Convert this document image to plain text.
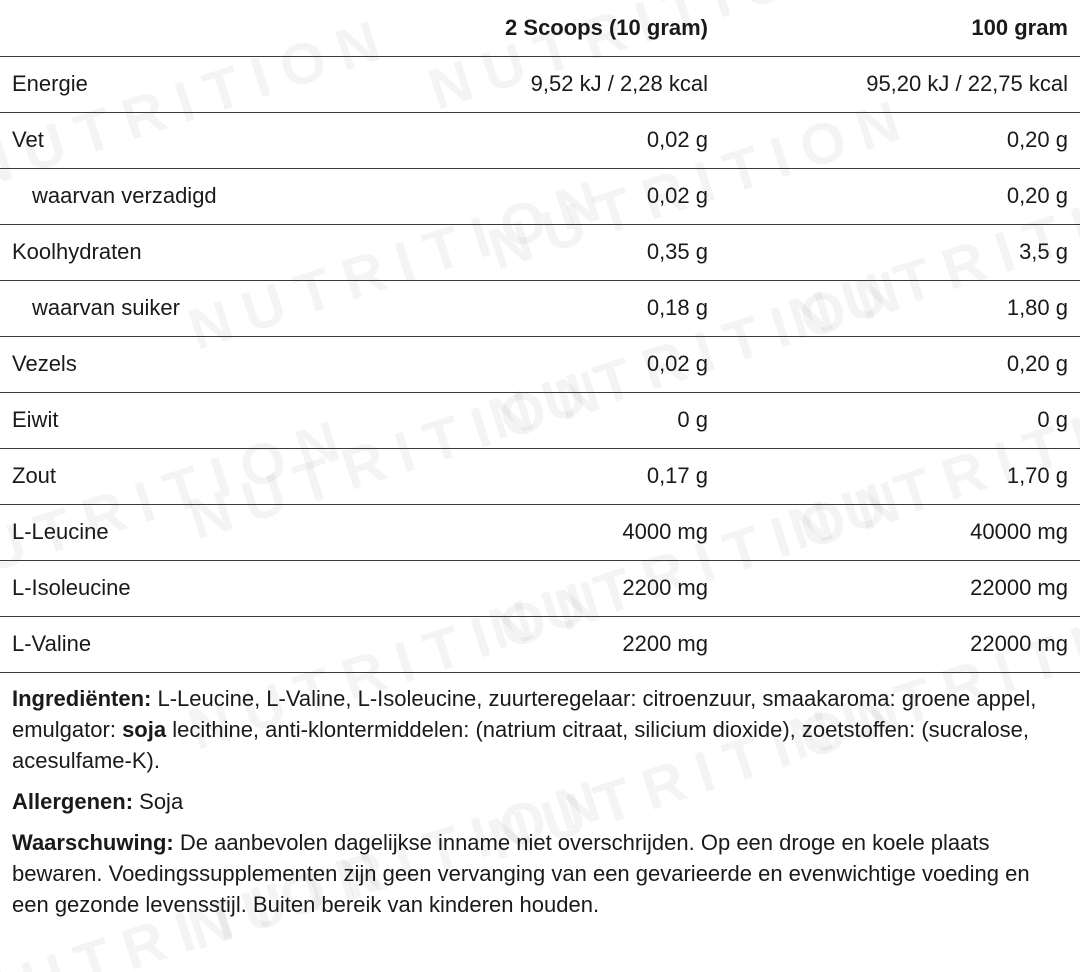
	2 Scoops (10 gram)	100 gram
Energie	9,52 kJ / 2,28 kcal	95,20 kJ / 22,75 kcal
Vet	0,02 g	0,20 g
waarvan verzadigd	0,02 g	0,20 g
Koolhydraten	0,35 g	3,5 g
waarvan suiker	0,18 g	1,80 g
Vezels	0,02 g	0,20 g
Eiwit	0 g	0 g
Zout	0,17 g	1,70 g
L-Leucine	4000 mg	40000 mg
L-Isoleucine	2200 mg	22000 mg
L-Valine	2200 mg	22000 mg

Ingrediënten: L-Leucine, L-Valine, L-Isoleucine, zuurteregelaar: citroenzuur, smaakaroma: groene appel, emulgator: soja lecithine, anti-klontermiddelen: (natrium citraat, silicium dioxide), zoetstoffen: (sucralose, acesulfame-K).

Allergenen: Soja

Waarschuwing: De aanbevolen dagelijkse inname niet overschrijden. Op een droge en koele plaats bewaren. Voedingssupplementen zijn geen vervanging van een gevarieerde en evenwichtige voeding en een gezonde levensstijl. Buiten bereik van kinderen houden.
